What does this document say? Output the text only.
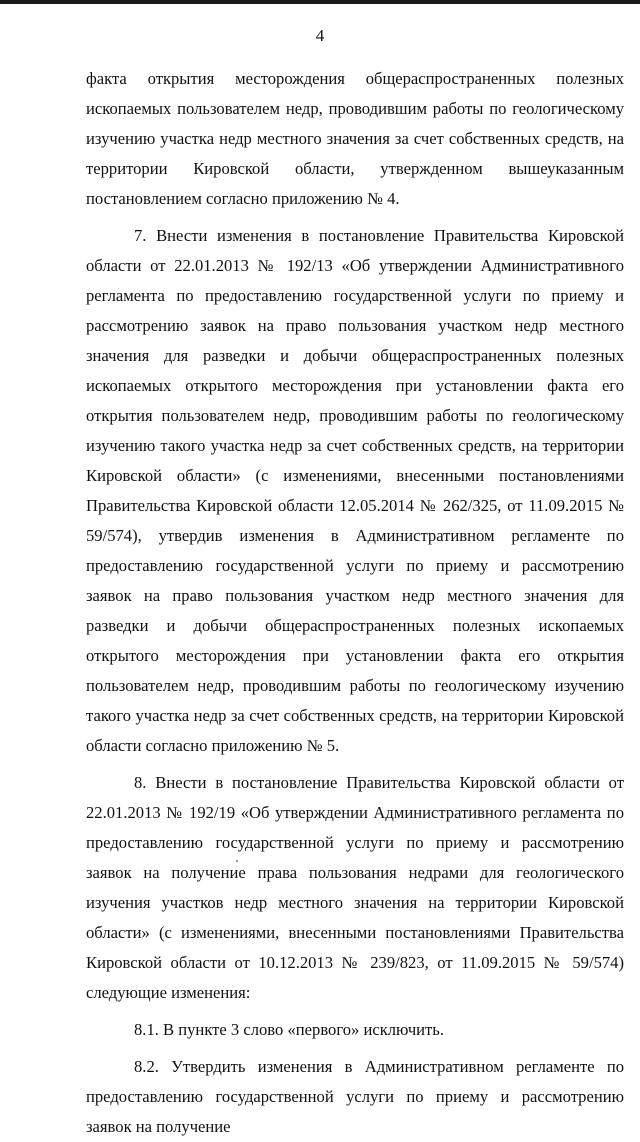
4

факта открытия месторождения общераспространенных полезных ископаемых пользователем недр, проводившим работы по геологическому изучению участка недр местного значения за счет собственных средств, на территории Кировской области, утвержденном вышеуказанным постановлением согласно приложению № 4.

7. Внести изменения в постановление Правительства Кировской области от 22.01.2013 № 192/13 «Об утверждении Административного регламента по предоставлению государственной услуги по приему и рассмотрению заявок на право пользования участком недр местного значения для разведки и добычи общераспространенных полезных ископаемых открытого месторождения при установлении факта его открытия пользователем недр, проводившим работы по геологическому изучению такого участка недр за счет собственных средств, на территории Кировской области» (с изменениями, внесенными постановлениями Правительства Кировской области 12.05.2014 № 262/325, от 11.09.2015 № 59/574), утвердив изменения в Административном регламенте по предоставлению государственной услуги по приему и рассмотрению заявок на право пользования участком недр местного значения для разведки и добычи общераспространенных полезных ископаемых открытого месторождения при установлении факта его открытия пользователем недр, проводившим работы по геологическому изучению такого участка недр за счет собственных средств, на территории Кировской области согласно приложению № 5.

8. Внести в постановление Правительства Кировской области от 22.01.2013 № 192/19 «Об утверждении Административного регламента по предоставлению государственной услуги по приему и рассмотрению заявок на получение права пользования недрами для геологического изучения участков недр местного значения на территории Кировской области» (с изменениями, внесенными постановлениями Правительства Кировской области от 10.12.2013 № 239/823, от 11.09.2015 № 59/574) следующие изменения:

8.1. В пункте 3 слово «первого» исключить.

8.2. Утвердить изменения в Административном регламенте по предоставлению государственной услуги по приему и рассмотрению заявок на получение
